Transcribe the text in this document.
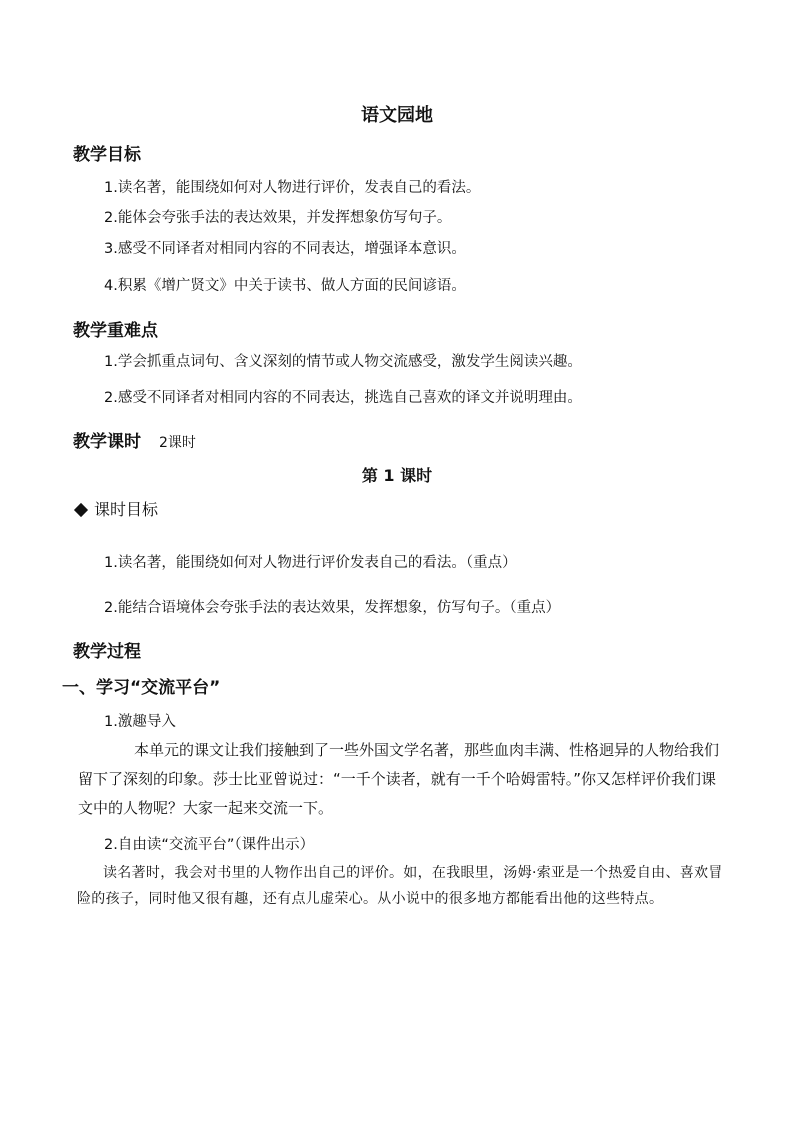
语文园地
教学目标
1.读名著，能围绕如何对人物进行评价，发表自己的看法。
2.能体会夸张手法的表达效果，并发挥想象仿写句子。
3.感受不同译者对相同内容的不同表达，增强译本意识。
4.积累《增广贤文》中关于读书、做人方面的民间谚语。
教学重难点
1.学会抓重点词句、含义深刻的情节或人物交流感受，激发学生阅读兴趣。
2.感受不同译者对相同内容的不同表达，挑选自己喜欢的译文并说明理由。
教学课时 2课时
第 1 课时
课时目标
1.读名著，能围绕如何对人物进行评价发表自己的看法。（重点）
2.能结合语境体会夸张手法的表达效果，发挥想象，仿写句子。（重点）
教学过程
一、学习“交流平台”
1.激趣导入
本单元的课文让我们接触到了一些外国文学名著，那些血肉丰满、性格迥异的人物给我们留下了深刻的印象。莎士比亚曾说过：“一千个读者，就有一千个哈姆雷特。”你又怎样评价我们课文中的人物呢？大家一起来交流一下。
2.自由读“交流平台”（课件出示）
读名著时，我会对书里的人物作出自己的评价。如，在我眼里，汤姆·索亚是一个热爱自由、喜欢冒险的孩子，同时他又很有趣，还有点儿虚荣心。从小说中的很多地方都能看出他的这些特点。
